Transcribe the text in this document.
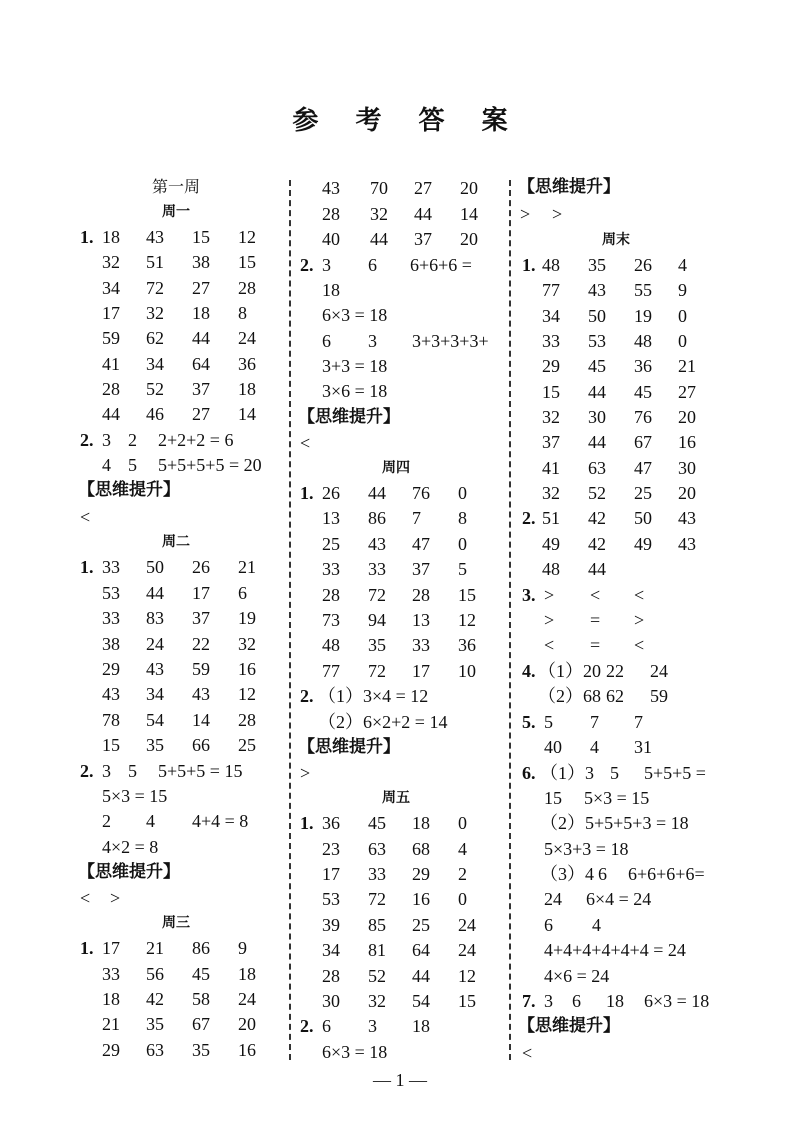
参 考 答 案
第一周
周一
1. 18 43 15 12
32 51 38 15
34 72 27 28
17 32 18 8
59 62 44 24
41 34 64 36
28 52 37 18
44 46 27 14
2. 3 2 2+2+2 = 6
4 5 5+5+5+5 = 20
【思维提升】
<
周二
1. 33 50 26 21
53 44 17 6
33 83 37 19
38 24 22 32
29 43 59 16
43 34 43 12
78 54 14 28
15 35 66 25
2. 3 5 5+5+5 = 15
5×3 = 15
2 4 4+4 = 8
4×2 = 8
【思维提升】
< >
周三
1. 17 21 86 9
33 56 45 18
18 42 58 24
21 35 67 20
29 63 35 16
43 70 27 20
28 32 44 14
40 44 37 20
2. 3 6 6+6+6 =
18
6×3 = 18
6 3 3+3+3+3+
3+3 = 18
3×6 = 18
【思维提升】
<
周四
1. 26 44 76 0
13 86 7 8
25 43 47 0
33 33 37 5
28 72 28 15
73 94 13 12
48 35 33 36
77 72 17 10
2. （1）3×4 = 12
（2）6×2+2 = 14
【思维提升】
>
周五
1. 36 45 18 0
23 63 68 4
17 33 29 2
53 72 16 0
39 85 25 24
34 81 64 24
28 52 44 12
30 32 54 15
2. 6 3 18
6×3 = 18
【思维提升】
> >
周末
1. 48 35 26 4
77 43 55 9
34 50 19 0
33 53 48 0
29 45 36 21
15 44 45 27
32 30 76 20
37 44 67 16
41 63 47 30
32 52 25 20
2. 51 42 50 43
49 42 49 43
48 44
3. > < <
> = >
< = <
4. （1）20 22 24
（2）68 62 59
5. 5 7 7
40 4 31
6. （1）3 5 5+5+5 =
15 5×3 = 15
（2）5+5+5+3 = 18
5×3+3 = 18
（3）4 6 6+6+6+6=
24 6×4 = 24
6 4
4+4+4+4+4+4 = 24
4×6 = 24
7. 3 6 18 6×3 = 18
【思维提升】
<
— 1 —
